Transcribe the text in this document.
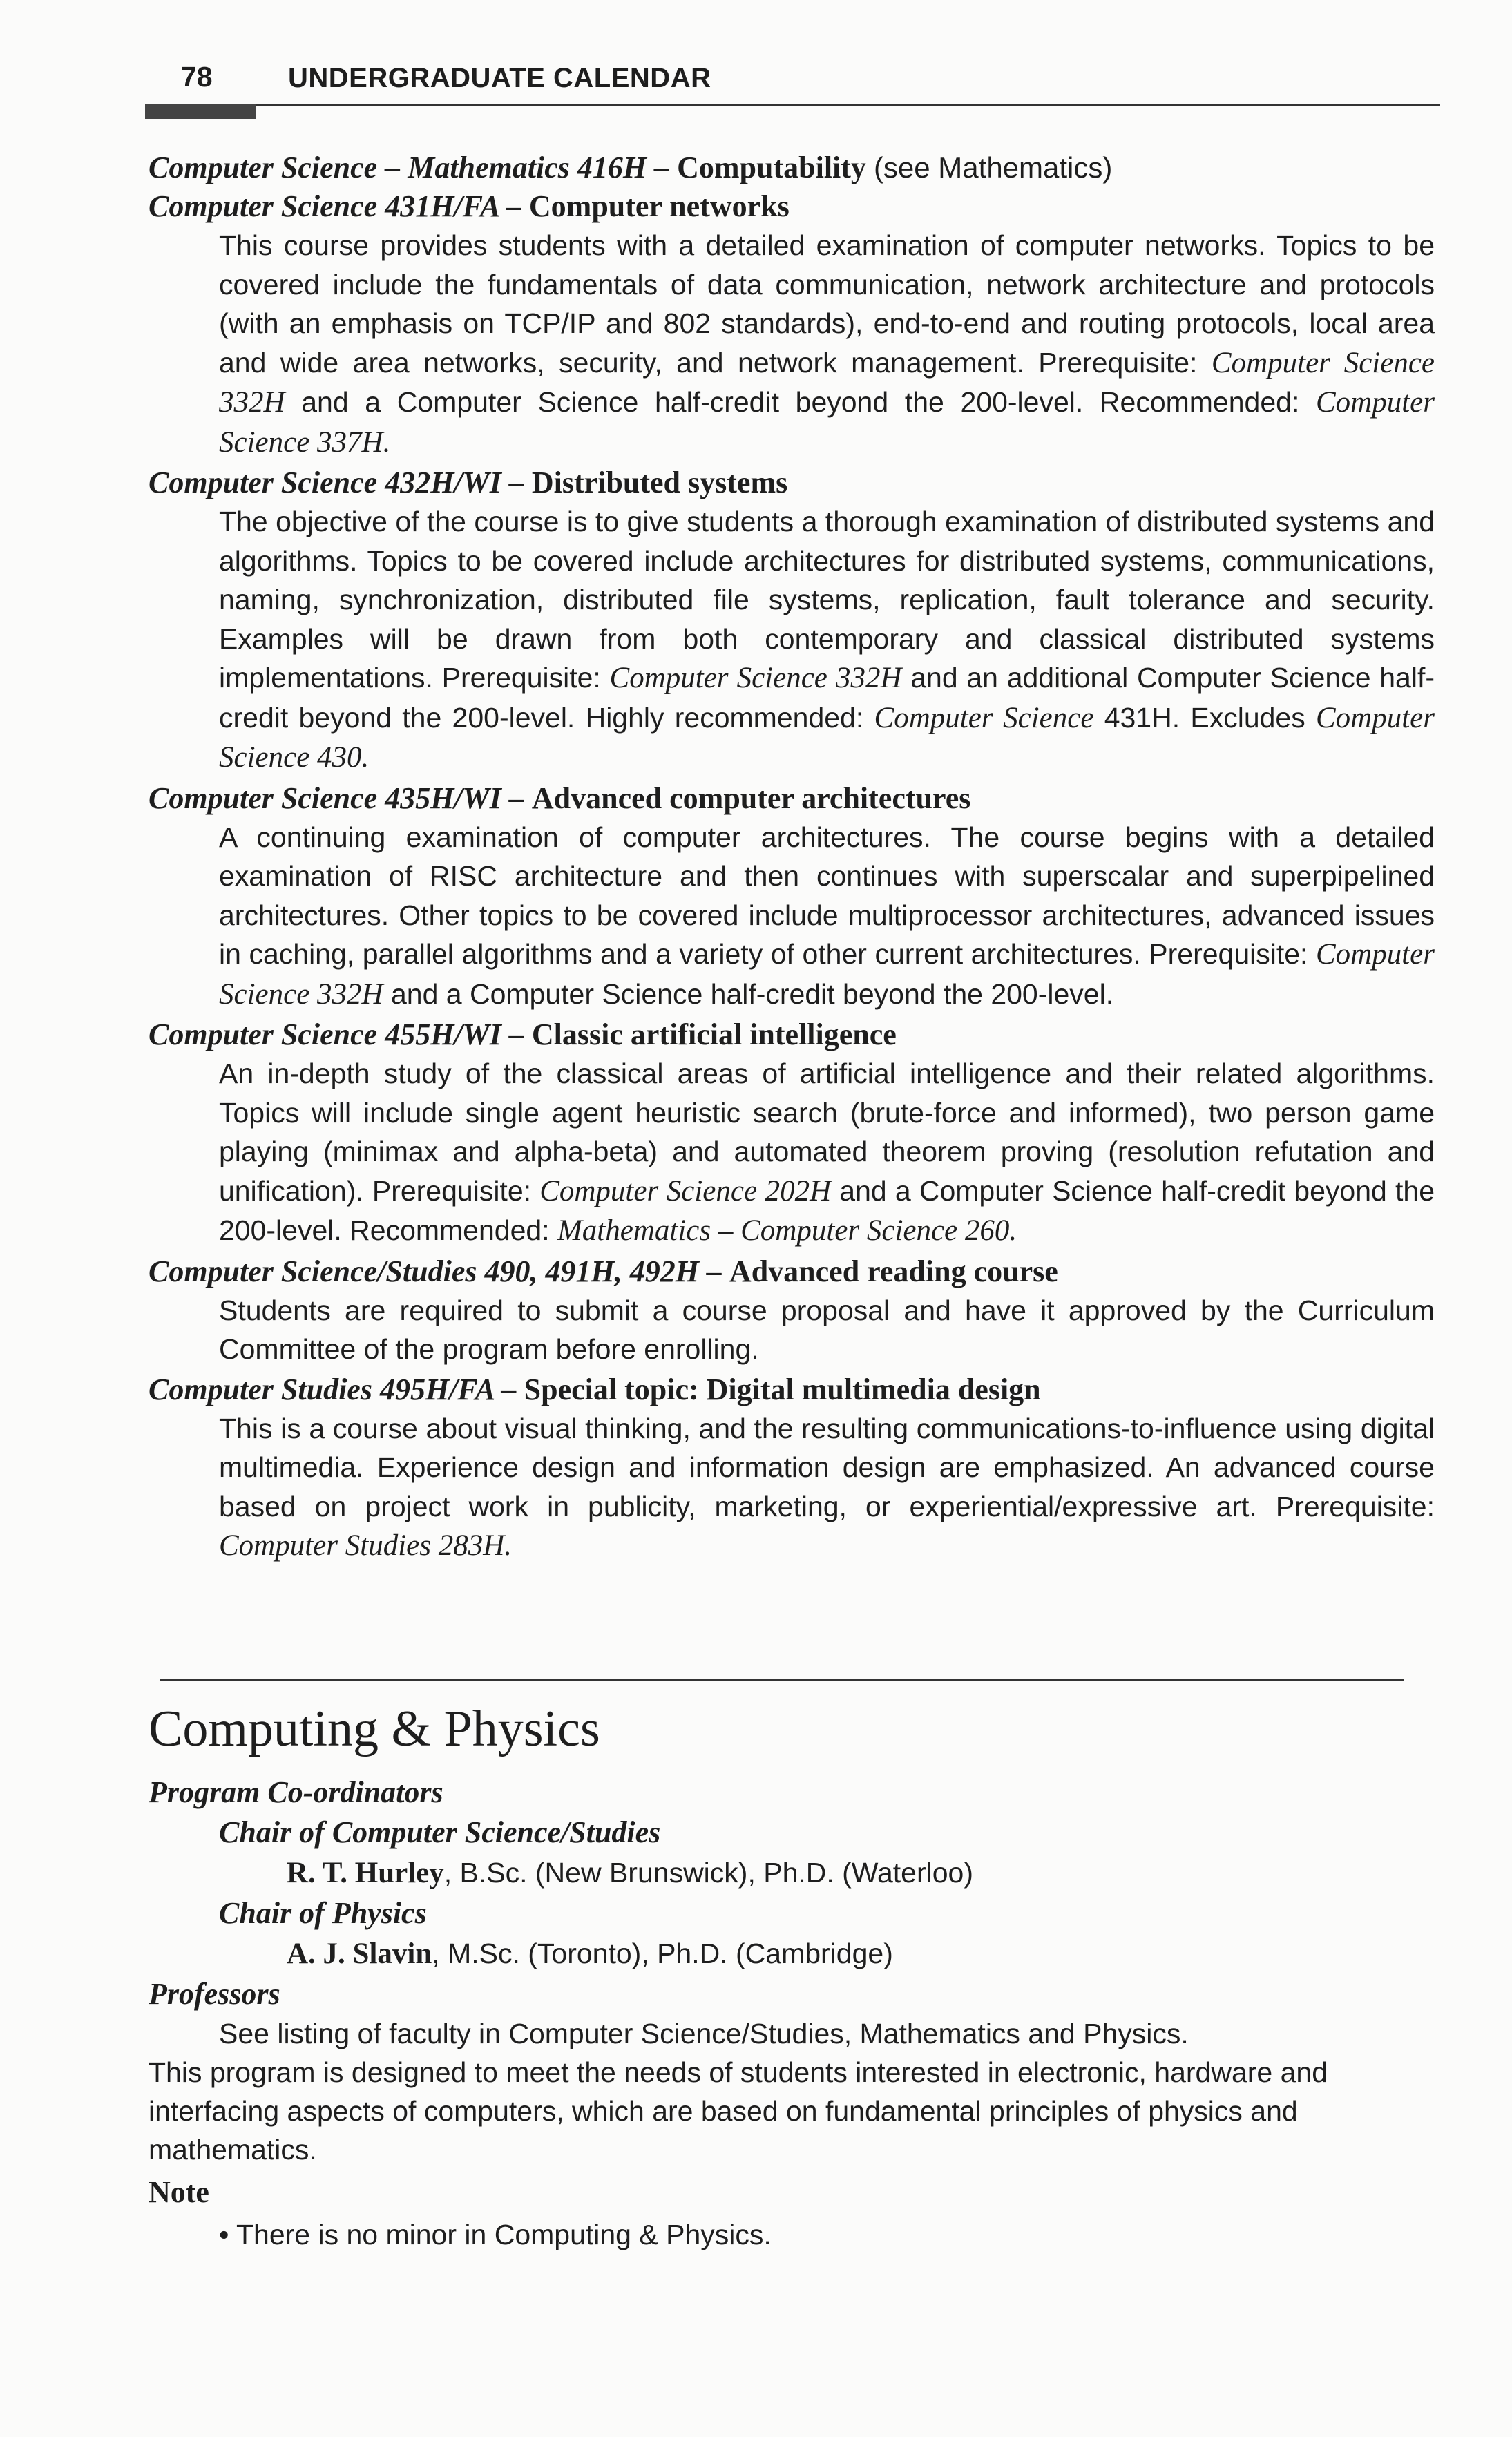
78	UNDERGRADUATE CALENDAR

Computer Science – Mathematics 416H – Computability (see Mathematics)

Computer Science 431H/FA – Computer networks

This course provides students with a detailed examination of computer networks. Topics to be covered include the fundamentals of data communication, network architecture and protocols (with an emphasis on TCP/IP and 802 standards), end-to-end and routing protocols, local area and wide area networks, security, and network management. Prerequisite: Computer Science 332H and a Computer Science half-credit beyond the 200-level. Recommended: Computer Science 337H.

Computer Science 432H/WI – Distributed systems

The objective of the course is to give students a thorough examination of distributed systems and algorithms. Topics to be covered include architectures for distributed systems, communications, naming, synchronization, distributed file systems, replication, fault tolerance and security. Examples will be drawn from both contemporary and classical distributed systems implementations. Prerequisite: Computer Science 332H and an additional Computer Science half-credit beyond the 200-level. Highly recommended: Computer Science 431H. Excludes Computer Science 430.

Computer Science 435H/WI – Advanced computer architectures

A continuing examination of computer architectures. The course begins with a detailed examination of RISC architecture and then continues with superscalar and superpipelined architectures. Other topics to be covered include multiprocessor architectures, advanced issues in caching, parallel algorithms and a variety of other current architectures. Prerequisite: Computer Science 332H and a Computer Science half-credit beyond the 200-level.

Computer Science 455H/WI – Classic artificial intelligence

An in-depth study of the classical areas of artificial intelligence and their related algorithms. Topics will include single agent heuristic search (brute-force and informed), two person game playing (minimax and alpha-beta) and automated theorem proving (resolution refutation and unification). Prerequisite: Computer Science 202H and a Computer Science half-credit beyond the 200-level. Recommended: Mathematics – Computer Science 260.

Computer Science/Studies 490, 491H, 492H – Advanced reading course

Students are required to submit a course proposal and have it approved by the Curriculum Committee of the program before enrolling.

Computer Studies 495H/FA – Special topic: Digital multimedia design

This is a course about visual thinking, and the resulting communications-to-influence using digital multimedia. Experience design and information design are emphasized. An advanced course based on project work in publicity, marketing, or experiential/expressive art. Prerequisite: Computer Studies 283H.

Computing & Physics

Program Co-ordinators

Chair of Computer Science/Studies

R. T. Hurley, B.Sc. (New Brunswick), Ph.D. (Waterloo)

Chair of Physics

A. J. Slavin, M.Sc. (Toronto), Ph.D. (Cambridge)

Professors

See listing of faculty in Computer Science/Studies, Mathematics and Physics.

This program is designed to meet the needs of students interested in electronic, hardware and interfacing aspects of computers, which are based on fundamental principles of physics and mathematics.

Note

• There is no minor in Computing & Physics.
